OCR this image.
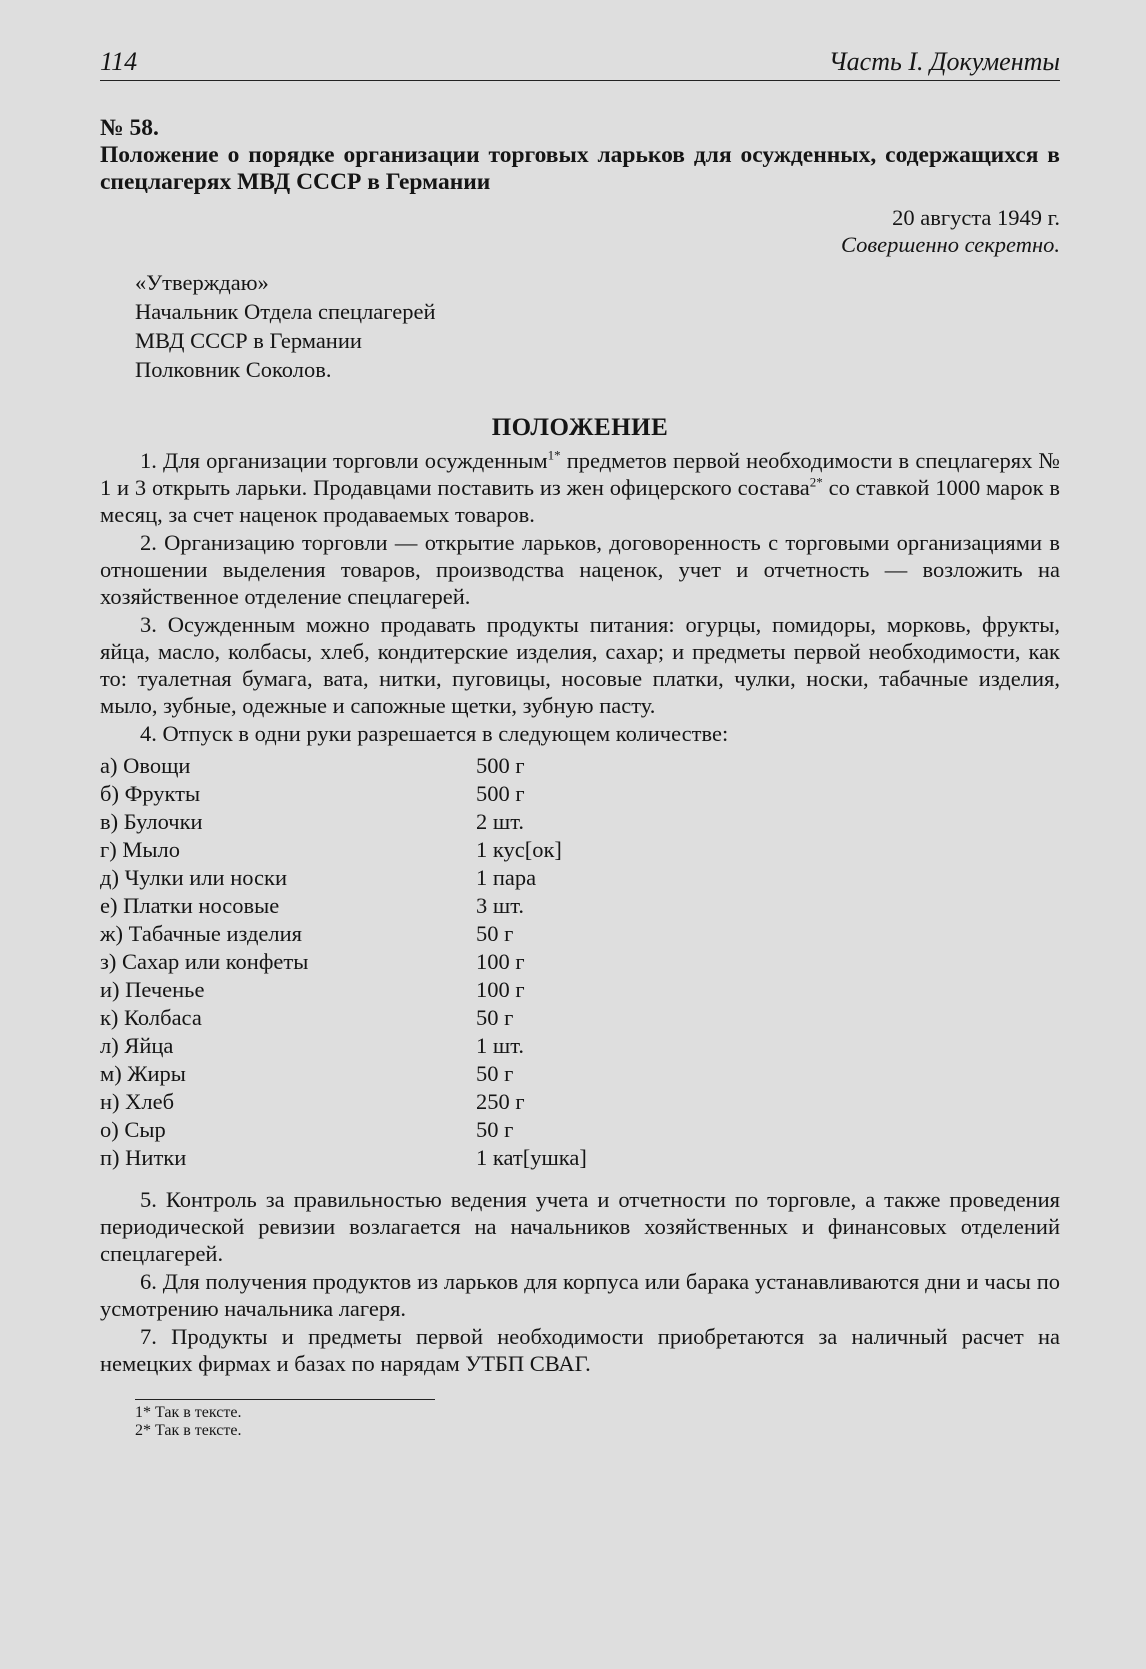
114	Часть I. Документы

№ 58.

Положение о порядке организации торговых ларьков для осужденных, содержащихся в спецлагерях МВД СССР в Германии

20 августа 1949 г.

Совершенно секретно.

«Утверждаю»
Начальник Отдела спецлагерей
МВД СССР в Германии
Полковник Соколов.
ПОЛОЖЕНИЕ

1. Для организации торговли осужденным$^{1*}$ предметов первой необходимости в спецлагерях № 1 и 3 открыть ларьки. Продавцами поставить из жен офицерского состава$^{2*}$ со ставкой 1000 марок в месяц, за счет наценок продаваемых товаров.

2. Организацию торговли — открытие ларьков, договоренность с торговыми организациями в отношении выделения товаров, производства наценок, учет и отчетность — возложить на хозяйственное отделение спецлагерей.

3. Осужденным можно продавать продукты питания: огурцы, помидоры, морковь, фрукты, яйца, масло, колбасы, хлеб, кондитерские изделия, сахар; и предметы первой необходимости, как то: туалетная бумага, вата, нитки, пуговицы, носовые платки, чулки, носки, табачные изделия, мыло, зубные, одежные и сапожные щетки, зубную пасту.

4. Отпуск в одни руки разрешается в следующем количестве:

а) Овощи	500 г
б) Фрукты	500 г
в) Булочки	2 шт.
г) Мыло	1 кус[ок]
д) Чулки или носки	1 пара
е) Платки носовые	3 шт.
ж) Табачные изделия	50 г
з) Сахар или конфеты	100 г
и) Печенье	100 г
к) Колбаса	50 г
л) Яйца	1 шт.
м) Жиры	50 г
н) Хлеб	250 г
о) Сыр	50 г
п) Нитки	1 кат[ушка]

5. Контроль за правильностью ведения учета и отчетности по торговле, а также проведения периодической ревизии возлагается на начальников хозяйственных и финансовых отделений спецлагерей.

6. Для получения продуктов из ларьков для корпуса или барака устанавливаются дни и часы по усмотрению начальника лагеря.

7. Продукты и предметы первой необходимости приобретаются за наличный расчет на немецких фирмах и базах по нарядам УТБП СВАГ.

1* Так в тексте.
2* Так в тексте.
